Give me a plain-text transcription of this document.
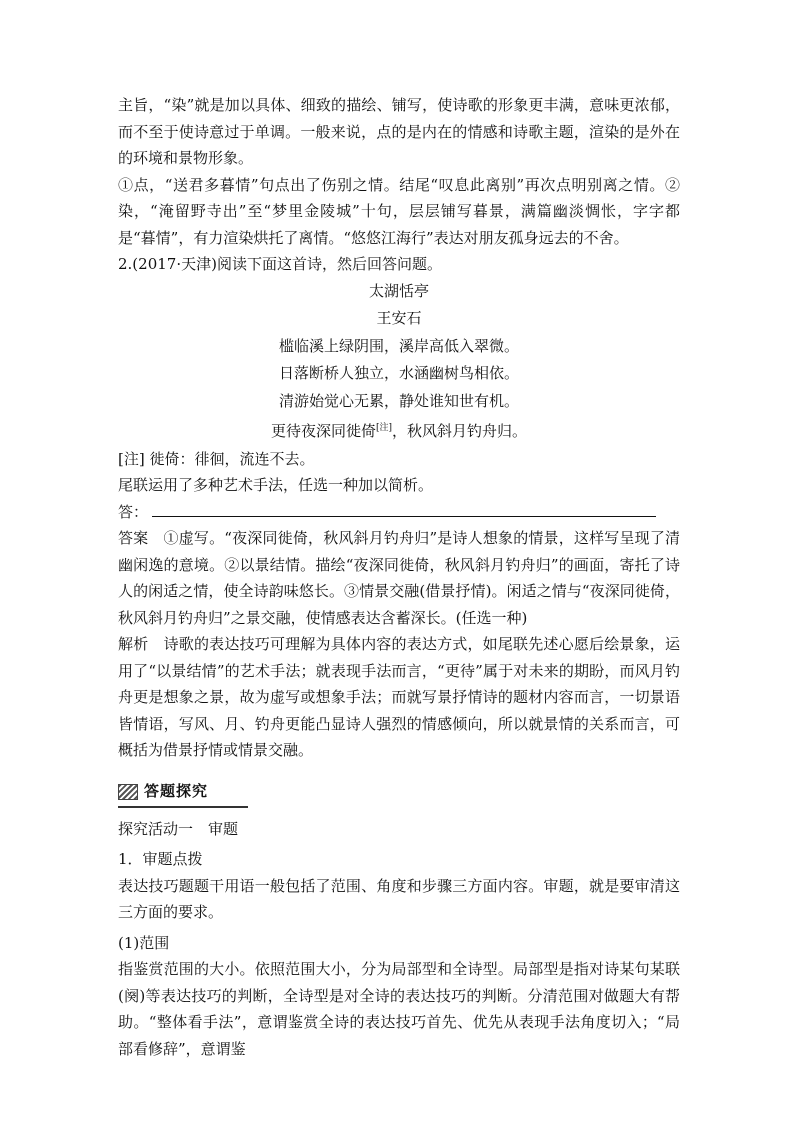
主旨，“染”就是加以具体、细致的描绘、铺写，使诗歌的形象更丰满，意味更浓郁，而不至于使诗意过于单调。一般来说，点的是内在的情感和诗歌主题，渲染的是外在的环境和景物形象。

①点，“送君多暮情”句点出了伤别之情。结尾“叹息此离别”再次点明别离之情。②染，“淹留野寺出”至“梦里金陵城”十句，层层铺写暮景，满篇幽淡惆怅，字字都是“暮情”，有力渲染烘托了离情。“悠悠江海行”表达对朋友孤身远去的不舍。

2.(2017·天津)阅读下面这首诗，然后回答问题。

太湖恬亭

王安石

槛临溪上绿阴围，溪岸高低入翠微。

日落断桥人独立，水涵幽树鸟相依。

清游始觉心无累，静处谁知世有机。

更待夜深同徙倚[注]，秋风斜月钓舟归。

[注] 徙倚：徘徊，流连不去。

尾联运用了多种艺术手法，任选一种加以简析。

答：

答案　①虚写。“夜深同徙倚，秋风斜月钓舟归”是诗人想象的情景，这样写呈现了清幽闲逸的意境。②以景结情。描绘“夜深同徙倚，秋风斜月钓舟归”的画面，寄托了诗人的闲适之情，使全诗韵味悠长。③情景交融(借景抒情)。闲适之情与“夜深同徙倚，秋风斜月钓舟归”之景交融，使情感表达含蓄深长。(任选一种)

解析　诗歌的表达技巧可理解为具体内容的表达方式，如尾联先述心愿后绘景象，运用了“以景结情”的艺术手法；就表现手法而言，“更待”属于对未来的期盼，而风月钓舟更是想象之景，故为虚写或想象手法；而就写景抒情诗的题材内容而言，一切景语皆情语，写风、月、钓舟更能凸显诗人强烈的情感倾向，所以就景情的关系而言，可概括为借景抒情或情景交融。

答题探究

探究活动一　审题

1．审题点拨

表达技巧题题干用语一般包括了范围、角度和步骤三方面内容。审题，就是要审清这三方面的要求。

(1)范围

指鉴赏范围的大小。依照范围大小，分为局部型和全诗型。局部型是指对诗某句某联(阕)等表达技巧的判断，全诗型是对全诗的表达技巧的判断。分清范围对做题大有帮助。“整体看手法”，意谓鉴赏全诗的表达技巧首先、优先从表现手法角度切入；“局部看修辞”，意谓鉴
